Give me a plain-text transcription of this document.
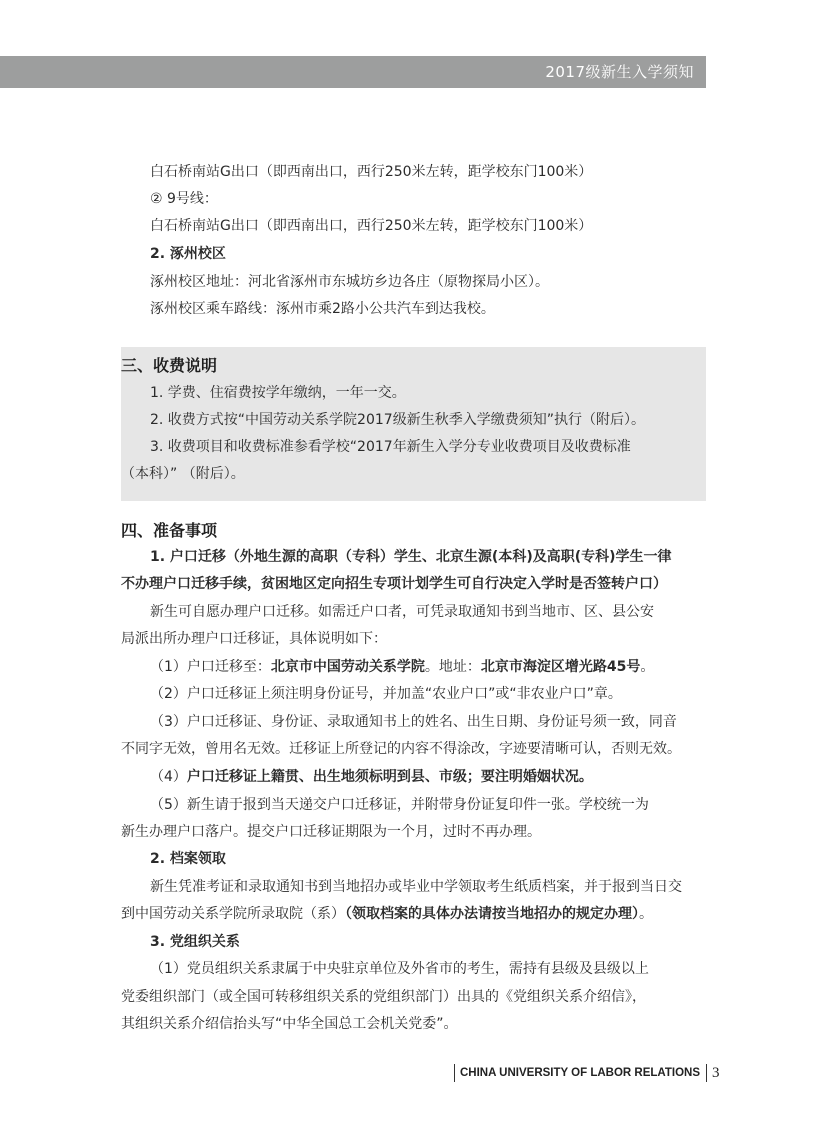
2017级新生入学须知
白石桥南站G出口（即西南出口，西行250米左转，距学校东门100米）
② 9号线：
白石桥南站G出口（即西南出口，西行250米左转，距学校东门100米）
2. 涿州校区
涿州校区地址：河北省涿州市东城坊乡边各庄（原物探局小区）。
涿州校区乘车路线：涿州市乘2路小公共汽车到达我校。
三、收费说明
1. 学费、住宿费按学年缴纳，一年一交。
2. 收费方式按“中国劳动关系学院2017级新生秋季入学缴费须知”执行（附后）。
3. 收费项目和收费标准参看学校“2017年新生入学分专业收费项目及收费标准
（本科）” （附后）。
四、准备事项
1. 户口迁移（外地生源的高职（专科）学生、北京生源(本科)及高职(专科)学生一律
不办理户口迁移手续，贫困地区定向招生专项计划学生可自行决定入学时是否签转户口）
新生可自愿办理户口迁移。如需迁户口者，可凭录取通知书到当地市、区、县公安
局派出所办理户口迁移证，具体说明如下：
（1）户口迁移至：北京市中国劳动关系学院。地址：北京市海淀区增光路45号。
（2）户口迁移证上须注明身份证号，并加盖“农业户口”或“非农业户口”章。
（3）户口迁移证、身份证、录取通知书上的姓名、出生日期、身份证号须一致，同音
不同字无效，曾用名无效。迁移证上所登记的内容不得涂改，字迹要清晰可认，否则无效。
（4）户口迁移证上籍贯、出生地须标明到县、市级；要注明婚姻状况。
（5）新生请于报到当天递交户口迁移证，并附带身份证复印件一张。学校统一为
新生办理户口落户。提交户口迁移证期限为一个月，过时不再办理。
2. 档案领取
新生凭准考证和录取通知书到当地招办或毕业中学领取考生纸质档案，并于报到当日交
到中国劳动关系学院所录取院（系）（领取档案的具体办法请按当地招办的规定办理）。
3. 党组织关系
（1）党员组织关系隶属于中央驻京单位及外省市的考生，需持有县级及县级以上
党委组织部门（或全国可转移组织关系的党组织部门）出具的《党组织关系介绍信》，
其组织关系介绍信抬头写“中华全国总工会机关党委”。
CHINA UNIVERSITY OF LABOR RELATIONS 3
